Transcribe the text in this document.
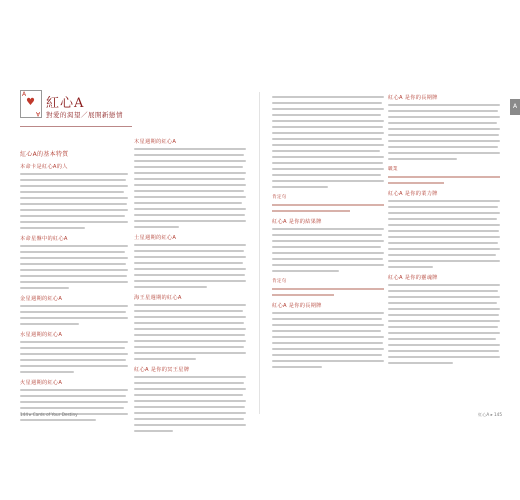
A
♥
A
紅心A
對愛的渴望／展開新戀情
紅心A的基本特質
本命卡是紅心A的人
本命星盤中的紅心A
金星週期的紅心A
水星週期的紅心A
火星週期的紅心A
木星週期的紅心A
土星週期的紅心A
海王星週期的紅心A
紅心A 是你的冥王星牌
肯定句
紅心A 是你的結果牌
肯定句
紅心A 是你的長期牌
紅心A 是你的長期牌
職業
紅心A 是你的業力牌
紅心A 是你的靈魂牌
A
144 ▸ Cards of Your Destiny	紅心A ▸ 145
